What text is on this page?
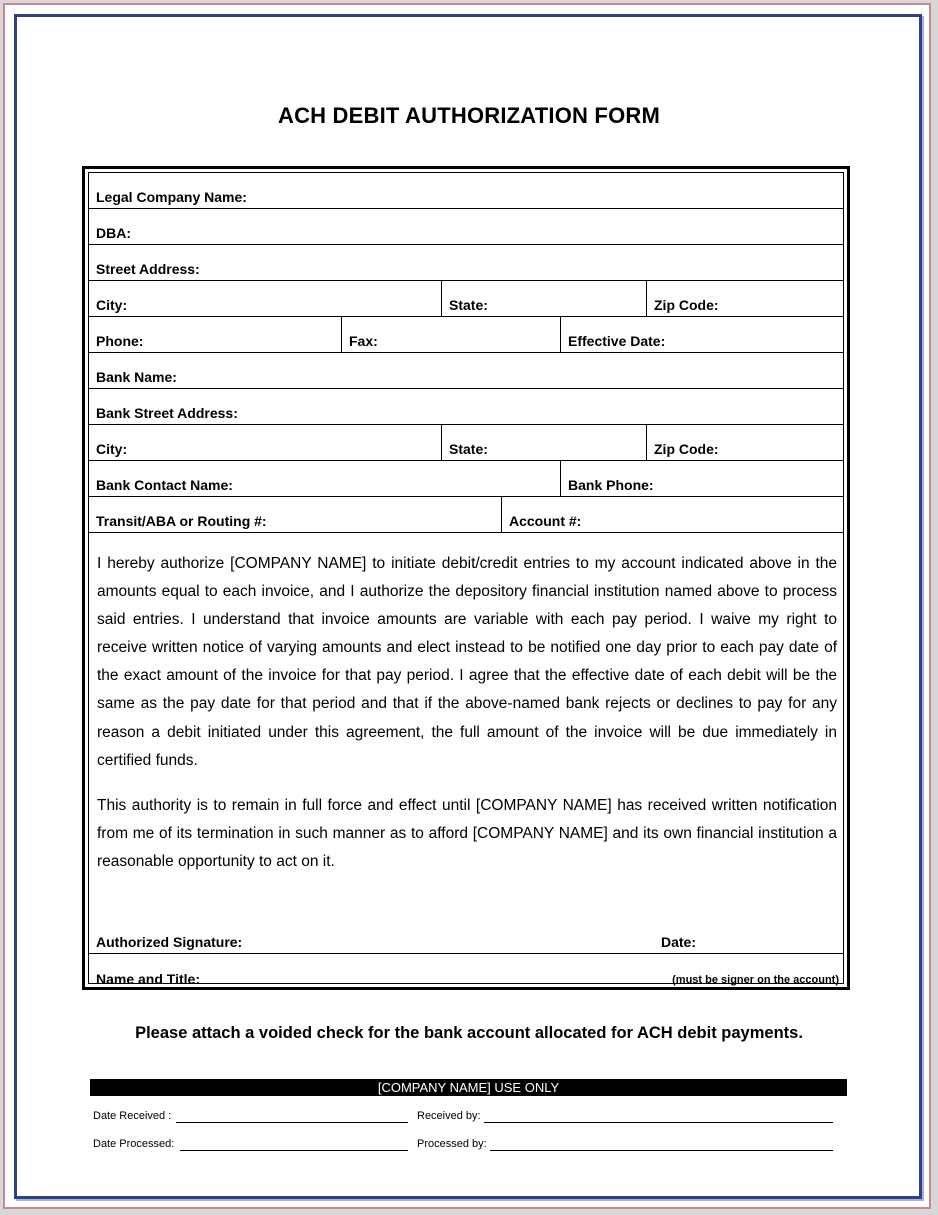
ACH DEBIT AUTHORIZATION FORM
Legal Company Name:
DBA:
Street Address:
City:	State:	Zip Code:
Phone:	Fax:	Effective Date:
Bank Name:
Bank Street Address:
City:	State:	Zip Code:
Bank Contact Name:	Bank Phone:
Transit/ABA or Routing #:	Account #:
I hereby authorize [COMPANY NAME] to initiate debit/credit entries to my account indicated above in the amounts equal to each invoice, and I authorize the depository financial institution named above to process said entries. I understand that invoice amounts are variable with each pay period. I waive my right to receive written notice of varying amounts and elect instead to be notified one day prior to each pay date of the exact amount of the invoice for that pay period. I agree that the effective date of each debit will be the same as the pay date for that period and that if the above-named bank rejects or declines to pay for any reason a debit initiated under this agreement, the full amount of the invoice will be due immediately in certified funds.
This authority is to remain in full force and effect until [COMPANY NAME] has received written notification from me of its termination in such manner as to afford [COMPANY NAME] and its own financial institution a reasonable opportunity to act on it.
Authorized Signature:	Date:
Name and Title:	(must be signer on the account)
Please attach a voided check for the bank account allocated for ACH debit payments.
[COMPANY NAME] USE ONLY
Date Received :	Received by:
Date Processed:	Processed by:
